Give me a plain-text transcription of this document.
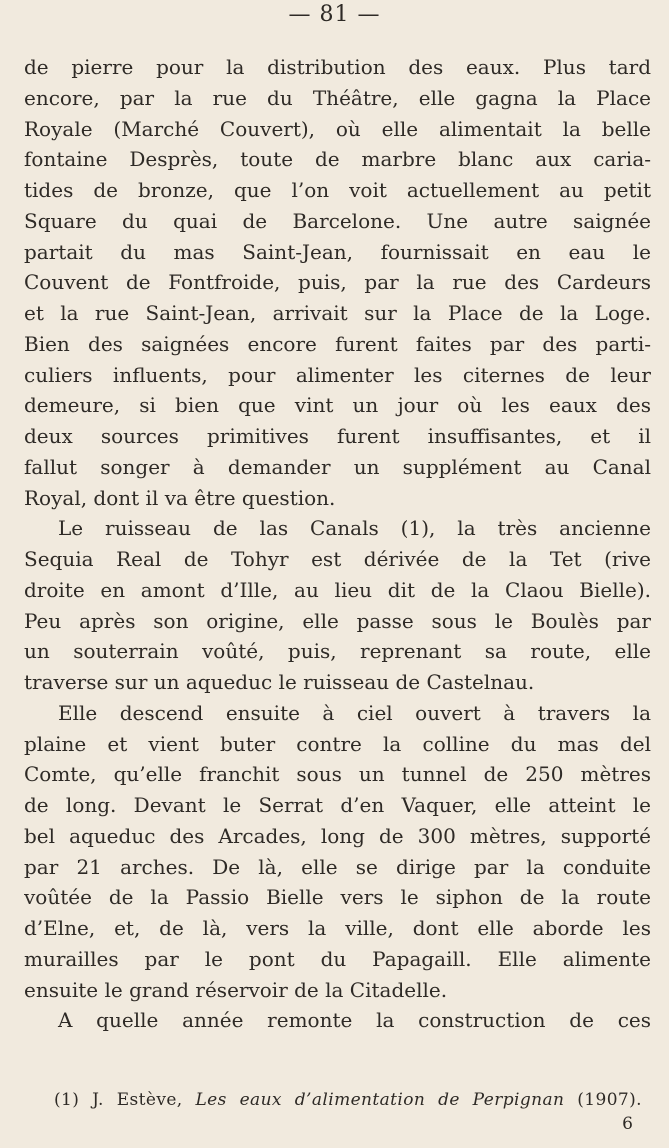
— 81 —
de pierre pour la distribution des eaux. Plus tard
encore, par la rue du Théâtre, elle gagna la Place
Royale (Marché Couvert), où elle alimentait la belle
fontaine Desprès, toute de marbre blanc aux caria-
tides de bronze, que l’on voit actuellement au petit
Square du quai de Barcelone. Une autre saignée
partait du mas Saint-Jean, fournissait en eau le
Couvent de Fontfroide, puis, par la rue des Cardeurs
et la rue Saint-Jean, arrivait sur la Place de la Loge.
Bien des saignées encore furent faites par des parti-
culiers influents, pour alimenter les citernes de leur
demeure, si bien que vint un jour où les eaux des
deux sources primitives furent insuffisantes, et il
fallut songer à demander un supplément au Canal
Royal, dont il va être question.
Le ruisseau de las Canals (1), la très ancienne
Sequia Real de Tohyr est dérivée de la Tet (rive
droite en amont d’Ille, au lieu dit de la Claou Bielle).
Peu après son origine, elle passe sous le Boulès par
un souterrain voûté, puis, reprenant sa route, elle
traverse sur un aqueduc le ruisseau de Castelnau.
Elle descend ensuite à ciel ouvert à travers la
plaine et vient buter contre la colline du mas del
Comte, qu’elle franchit sous un tunnel de 250 mètres
de long. Devant le Serrat d’en Vaquer, elle atteint le
bel aqueduc des Arcades, long de 300 mètres, supporté
par 21 arches. De là, elle se dirige par la conduite
voûtée de la Passio Bielle vers le siphon de la route
d’Elne, et, de là, vers la ville, dont elle aborde les
murailles par le pont du Papagaill. Elle alimente
ensuite le grand réservoir de la Citadelle.
A quelle année remonte la construction de ces
(1) J. Estève, Les eaux d’alimentation de Perpignan (1907).
6
